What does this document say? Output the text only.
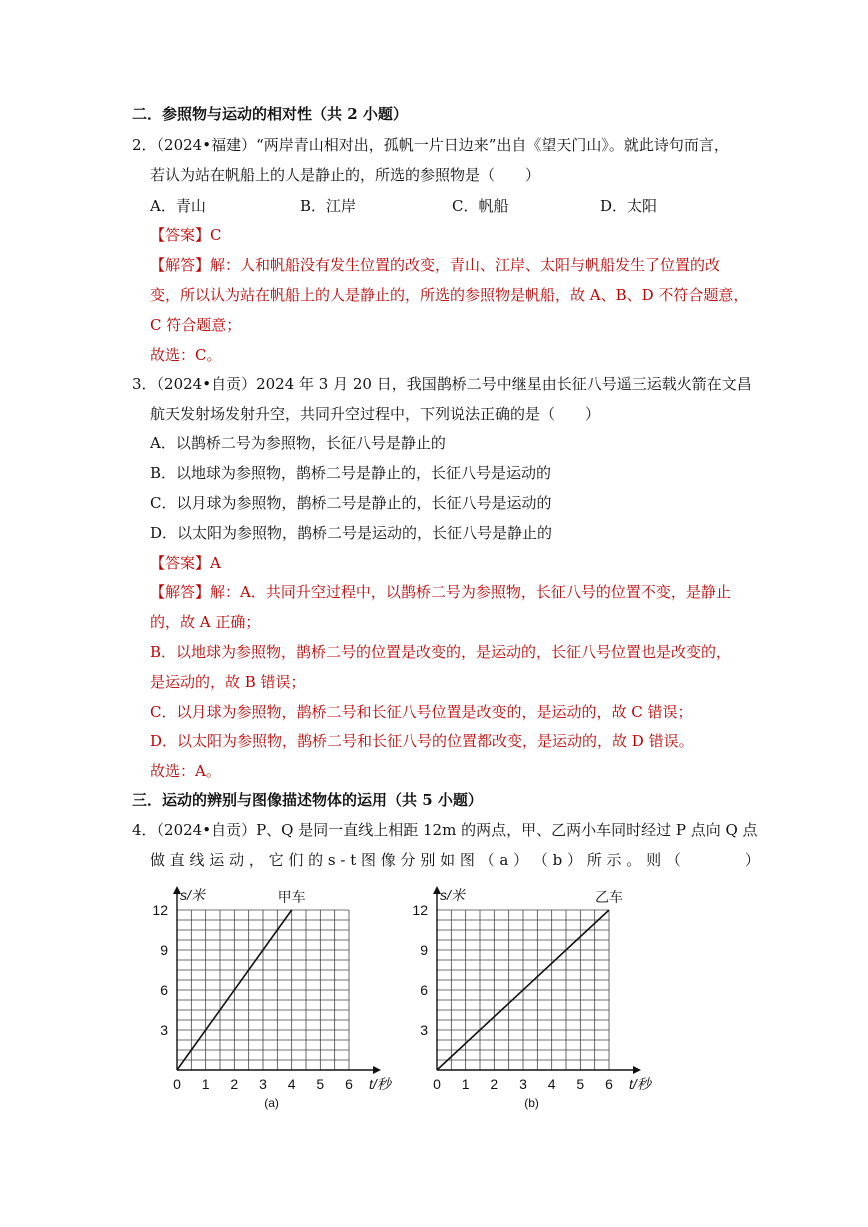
二．参照物与运动的相对性（共 2 小题）
2．（2024•福建）“两岸青山相对出，孤帆一片日边来”出自《望天门山》。就此诗句而言，
若认为站在帆船上的人是静止的，所选的参照物是（　　）
A．青山	B．江岸	C．帆船	D．太阳
【答案】C
【解答】解：人和帆船没有发生位置的改变，青山、江岸、太阳与帆船发生了位置的改
变，所以认为站在帆船上的人是静止的，所选的参照物是帆船，故 A、B、D 不符合题意，
C 符合题意；
故选：C。
3．（2024•自贡）2024 年 3 月 20 日，我国鹊桥二号中继星由长征八号遥三运载火箭在文昌
航天发射场发射升空，共同升空过程中，下列说法正确的是（　　）
A．以鹊桥二号为参照物，长征八号是静止的
B．以地球为参照物，鹊桥二号是静止的，长征八号是运动的
C．以月球为参照物，鹊桥二号是静止的，长征八号是运动的
D．以太阳为参照物，鹊桥二号是运动的，长征八号是静止的
【答案】A
【解答】解：A．共同升空过程中，以鹊桥二号为参照物，长征八号的位置不变，是静止
的，故 A 正确；
B．以地球为参照物，鹊桥二号的位置是改变的，是运动的，长征八号位置也是改变的，
是运动的，故 B 错误；
C．以月球为参照物，鹊桥二号和长征八号位置是改变的，是运动的，故 C 错误；
D．以太阳为参照物，鹊桥二号和长征八号的位置都改变，是运动的，故 D 错误。
故选：A。
三．运动的辨别与图像描述物体的运用（共 5 小题）
4．（2024•自贡）P、Q 是同一直线上相距 12m 的两点，甲、乙两小车同时经过 P 点向 Q 点
做 直 线 运 动 ， 它 们 的 s ‑ t 图 像 分 别 如 图 （ a ） （ b ） 所 示 。 则 （ 　 　 　 ）
0 1 2 3 4 5 6
3
6
9
12
s/米
t/秒
甲车
(a)
0 1 2 3 4 5 6
3
6
9
12
s/米
t/秒
乙车
(b)
